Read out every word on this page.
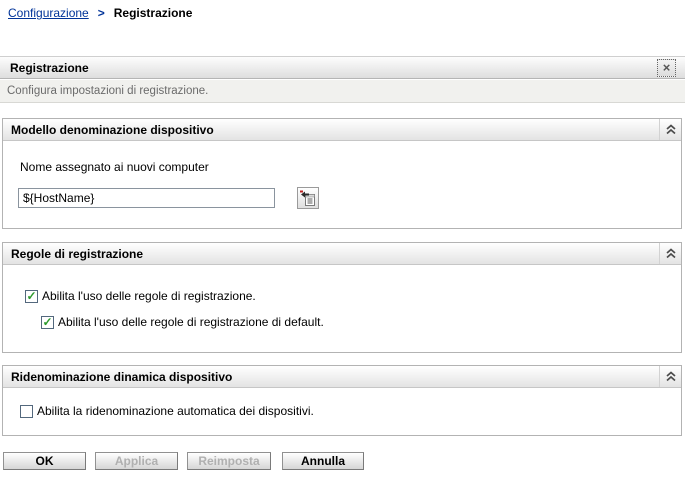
Configurazione > Registrazione
Registrazione	×
Configura impostazioni di registrazione.
Modello denominazione dispositivo
Nome assegnato ai nuovi computer
${HostName}
Regole di registrazione
✓ Abilita l'uso delle regole di registrazione.
✓ Abilita l'uso delle regole di registrazione di default.
Ridenominazione dinamica dispositivo
Abilita la ridenominazione automatica dei dispositivi.
OK	Applica	Reimposta	Annulla
